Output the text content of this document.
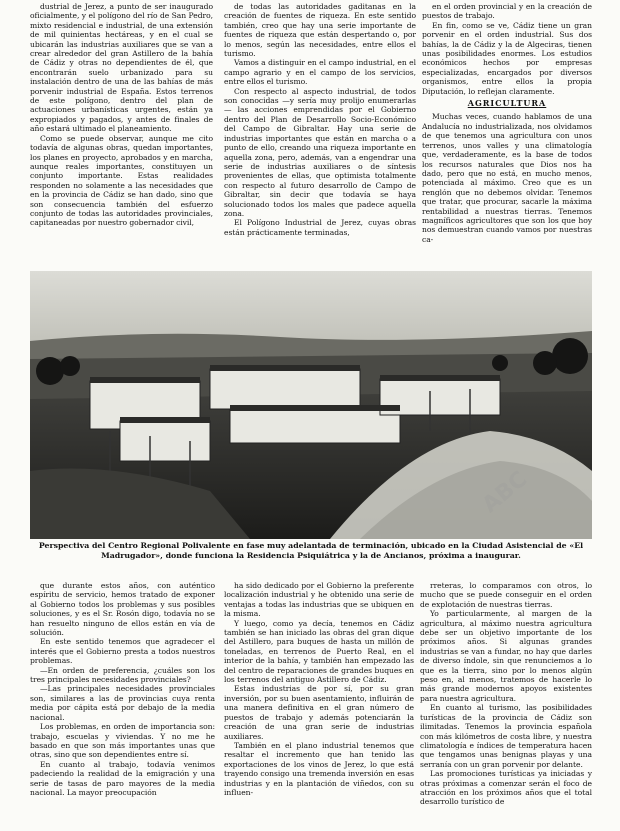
dustrial de Jerez, a punto de ser inaugurado oficialmente, y el polígono del río de San Pedro, mixto residencial e industrial, de una extensión de mil quinientas hectáreas, y en el cual se ubicarán las industrias auxiliares que se van a crear alrededor del gran Astillero de la bahía de Cádiz y otras no dependientes de él, que encontrarán suelo urbanizado para su instalación dentro de una de las bahías de más porvenir industrial de España. Estos terrenos de este polígono, dentro del plan de actuaciones urbanísticas urgentes, están ya expropiados y pagados, y antes de finales de año estará ultimado el planeamiento.

Como se puede observar, aunque me cito todavía de algunas obras, quedan importantes, los planes en proyecto, aprobados y en marcha, aunque reales importantes, constituyen un conjunto importante. Estas realidades responden no solamente a las necesidades que en la provincia de Cádiz se han dado, sino que son consecuencia también del esfuerzo conjunto de todas las autoridades provinciales, capitaneadas por nuestro gobernador civil,

de todas las autoridades gaditanas en la creación de fuentes de riqueza. En este sentido también, creo que hay una serie importante de fuentes de riqueza que están despertando o, por lo menos, según las necesidades, entre ellos el turismo.

Vamos a distinguir en el campo industrial, en el campo agrario y en el campo de los servicios, entre ellos el turismo.

Con respecto al aspecto industrial, de todos son conocidas —y sería muy prolijo enumerarlas— las acciones emprendidas por el Gobierno dentro del Plan de Desarrollo Socio-Económico del Campo de Gibraltar. Hay una serie de industrias importantes que están en marcha o a punto de ello, creando una riqueza importante en aquella zona, pero, además, van a engendrar una serie de industrias auxiliares o de síntesis provenientes de ellas, que optimista totalmente con respecto al futuro desarrollo de Campo de Gibraltar, sin decir que todavía se haya solucionado todos los males que padece aquella zona.

El Polígono Industrial de Jerez, cuyas obras están prácticamente terminadas,

en el orden provincial y en la creación de puestos de trabajo.

En fin, como se ve, Cádiz tiene un gran porvenir en el orden industrial. Sus dos bahías, la de Cádiz y la de Algeciras, tienen unas posibilidades enormes. Los estudios económicos hechos por empresas especializadas, encargados por diversos organismos, entre ellos la propia Diputación, lo reflejan claramente.

AGRICULTURA

Muchas veces, cuando hablamos de una Andalucía no industrializada, nos olvidamos de que tenemos una agricultura con unos terrenos, unos valles y una climatología que, verdaderamente, es la base de todos los recursos naturales que Dios nos ha dado, pero que no está, en mucho menos, potenciada al máximo. Creo que es un renglón que no debemos olvidar. Tenemos que tratar, que procurar, sacarle la máxima rentabilidad a nuestras tierras. Tenemos magníficos agricultores que son los que hoy nos demuestran cuando vamos por nuestras ca-

Perspectiva del Centro Regional Polivalente en fase muy adelantada de terminación, ubicado en la Ciudad Asistencial de «El Madrugador», donde funciona la Residencia Psiquiátrica y la de Ancianos, próxima a inaugurar.

que durante estos años, con auténtico espíritu de servicio, hemos tratado de exponer al Gobierno todos los problemas y sus posibles soluciones, y es el Sr. Rosón digo, todavía no se han resuelto ninguno de ellos están en vía de solución.

En este sentido tenemos que agradecer el interés que el Gobierno presta a todos nuestros problemas.

—En orden de preferencia, ¿cuáles son los tres principales necesidades provinciales?

—Las principales necesidades provinciales son, similares a las de provincias cuya renta media por cápita está por debajo de la media nacional.

Los problemas, en orden de importancia son: trabajo, escuelas y viviendas. Y no me he basado en que son más importantes unas que otras, sino que son dependientes entre sí.

En cuanto al trabajo, todavía venimos padeciendo la realidad de la emigración y una serie de tasas de paro mayores de la media nacional. La mayor preocupación

ha sido dedicado por el Gobierno la preferente localización industrial y he obtenido una serie de ventajas a todas las industrias que se ubiquen en la misma.

Y luego, como ya decía, tenemos en Cádiz también se han iniciado las obras del gran dique del Astillero, para buques de hasta un millón de toneladas, en terrenos de Puerto Real, en el interior de la bahía, y también han empezado las del centro de reparaciones de grandes buques en los terrenos del antiguo Astillero de Cádiz.

Estas industrias de por sí, por su gran inversión, por su buen asentamiento, influirán de una manera definitiva en el gran número de puestos de trabajo y además potenciarán la creación de una gran serie de industrias auxiliares.

También en el plano industrial tenemos que resaltar el incremento que han tenido las exportaciones de los vinos de Jerez, lo que está trayendo consigo una tremenda inversión en esas industrias y en la plantación de viñedos, con su influen-

rreteras, lo comparamos con otros, lo mucho que se puede conseguir en el orden de explotación de nuestras tierras.

Yo particularmente, al margen de la agricultura, al máximo nuestra agricultura debe ser un objetivo importante de los próximos años. Si algunas grandes industrias se van a fundar, no hay que darles de diverso índole, sin que renunciemos a lo que es la tierra, sino por lo menos algún peso en, al menos, tratemos de hacerle lo más grande modernos apoyos existentes para nuestra agricultura.

En cuanto al turismo, las posibilidades turísticas de la provincia de Cádiz son ilimitadas. Tenemos la provincia española con más kilómetros de costa libre, y nuestra climatología e índices de temperatura hacen que tengamos unas benignas playas y una serranía con un gran porvenir por delante.

Las promociones turísticas ya iniciadas y otras próximas a comenzar serán el foco de atracción en los próximos años que el total desarrollo turístico de

ABC
